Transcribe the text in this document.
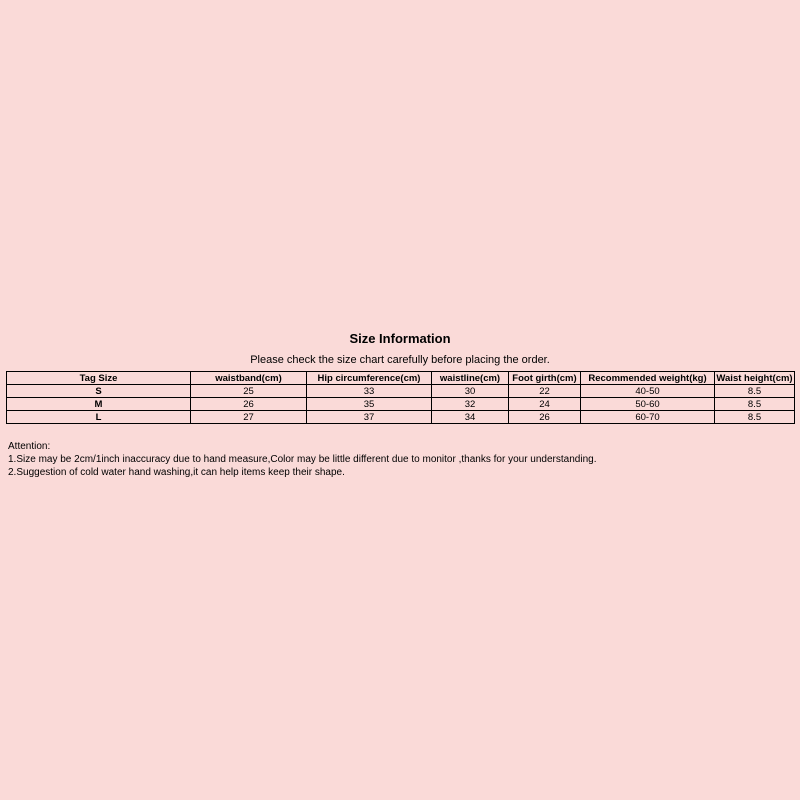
Size Information

Please check the size chart carefully before placing the order.

Tag Size	waistband(cm)	Hip circumference(cm)	waistline(cm)	Foot girth(cm)	Recommended weight(kg)	Waist height(cm)
S	25	33	30	22	40-50	8.5
M	26	35	32	24	50-60	8.5
L	27	37	34	26	60-70	8.5
Attention:
1.Size may be 2cm/1inch inaccuracy due to hand measure,Color may be little different due to monitor ,thanks for your understanding.
2.Suggestion of cold water hand washing,it can help items keep their shape.
